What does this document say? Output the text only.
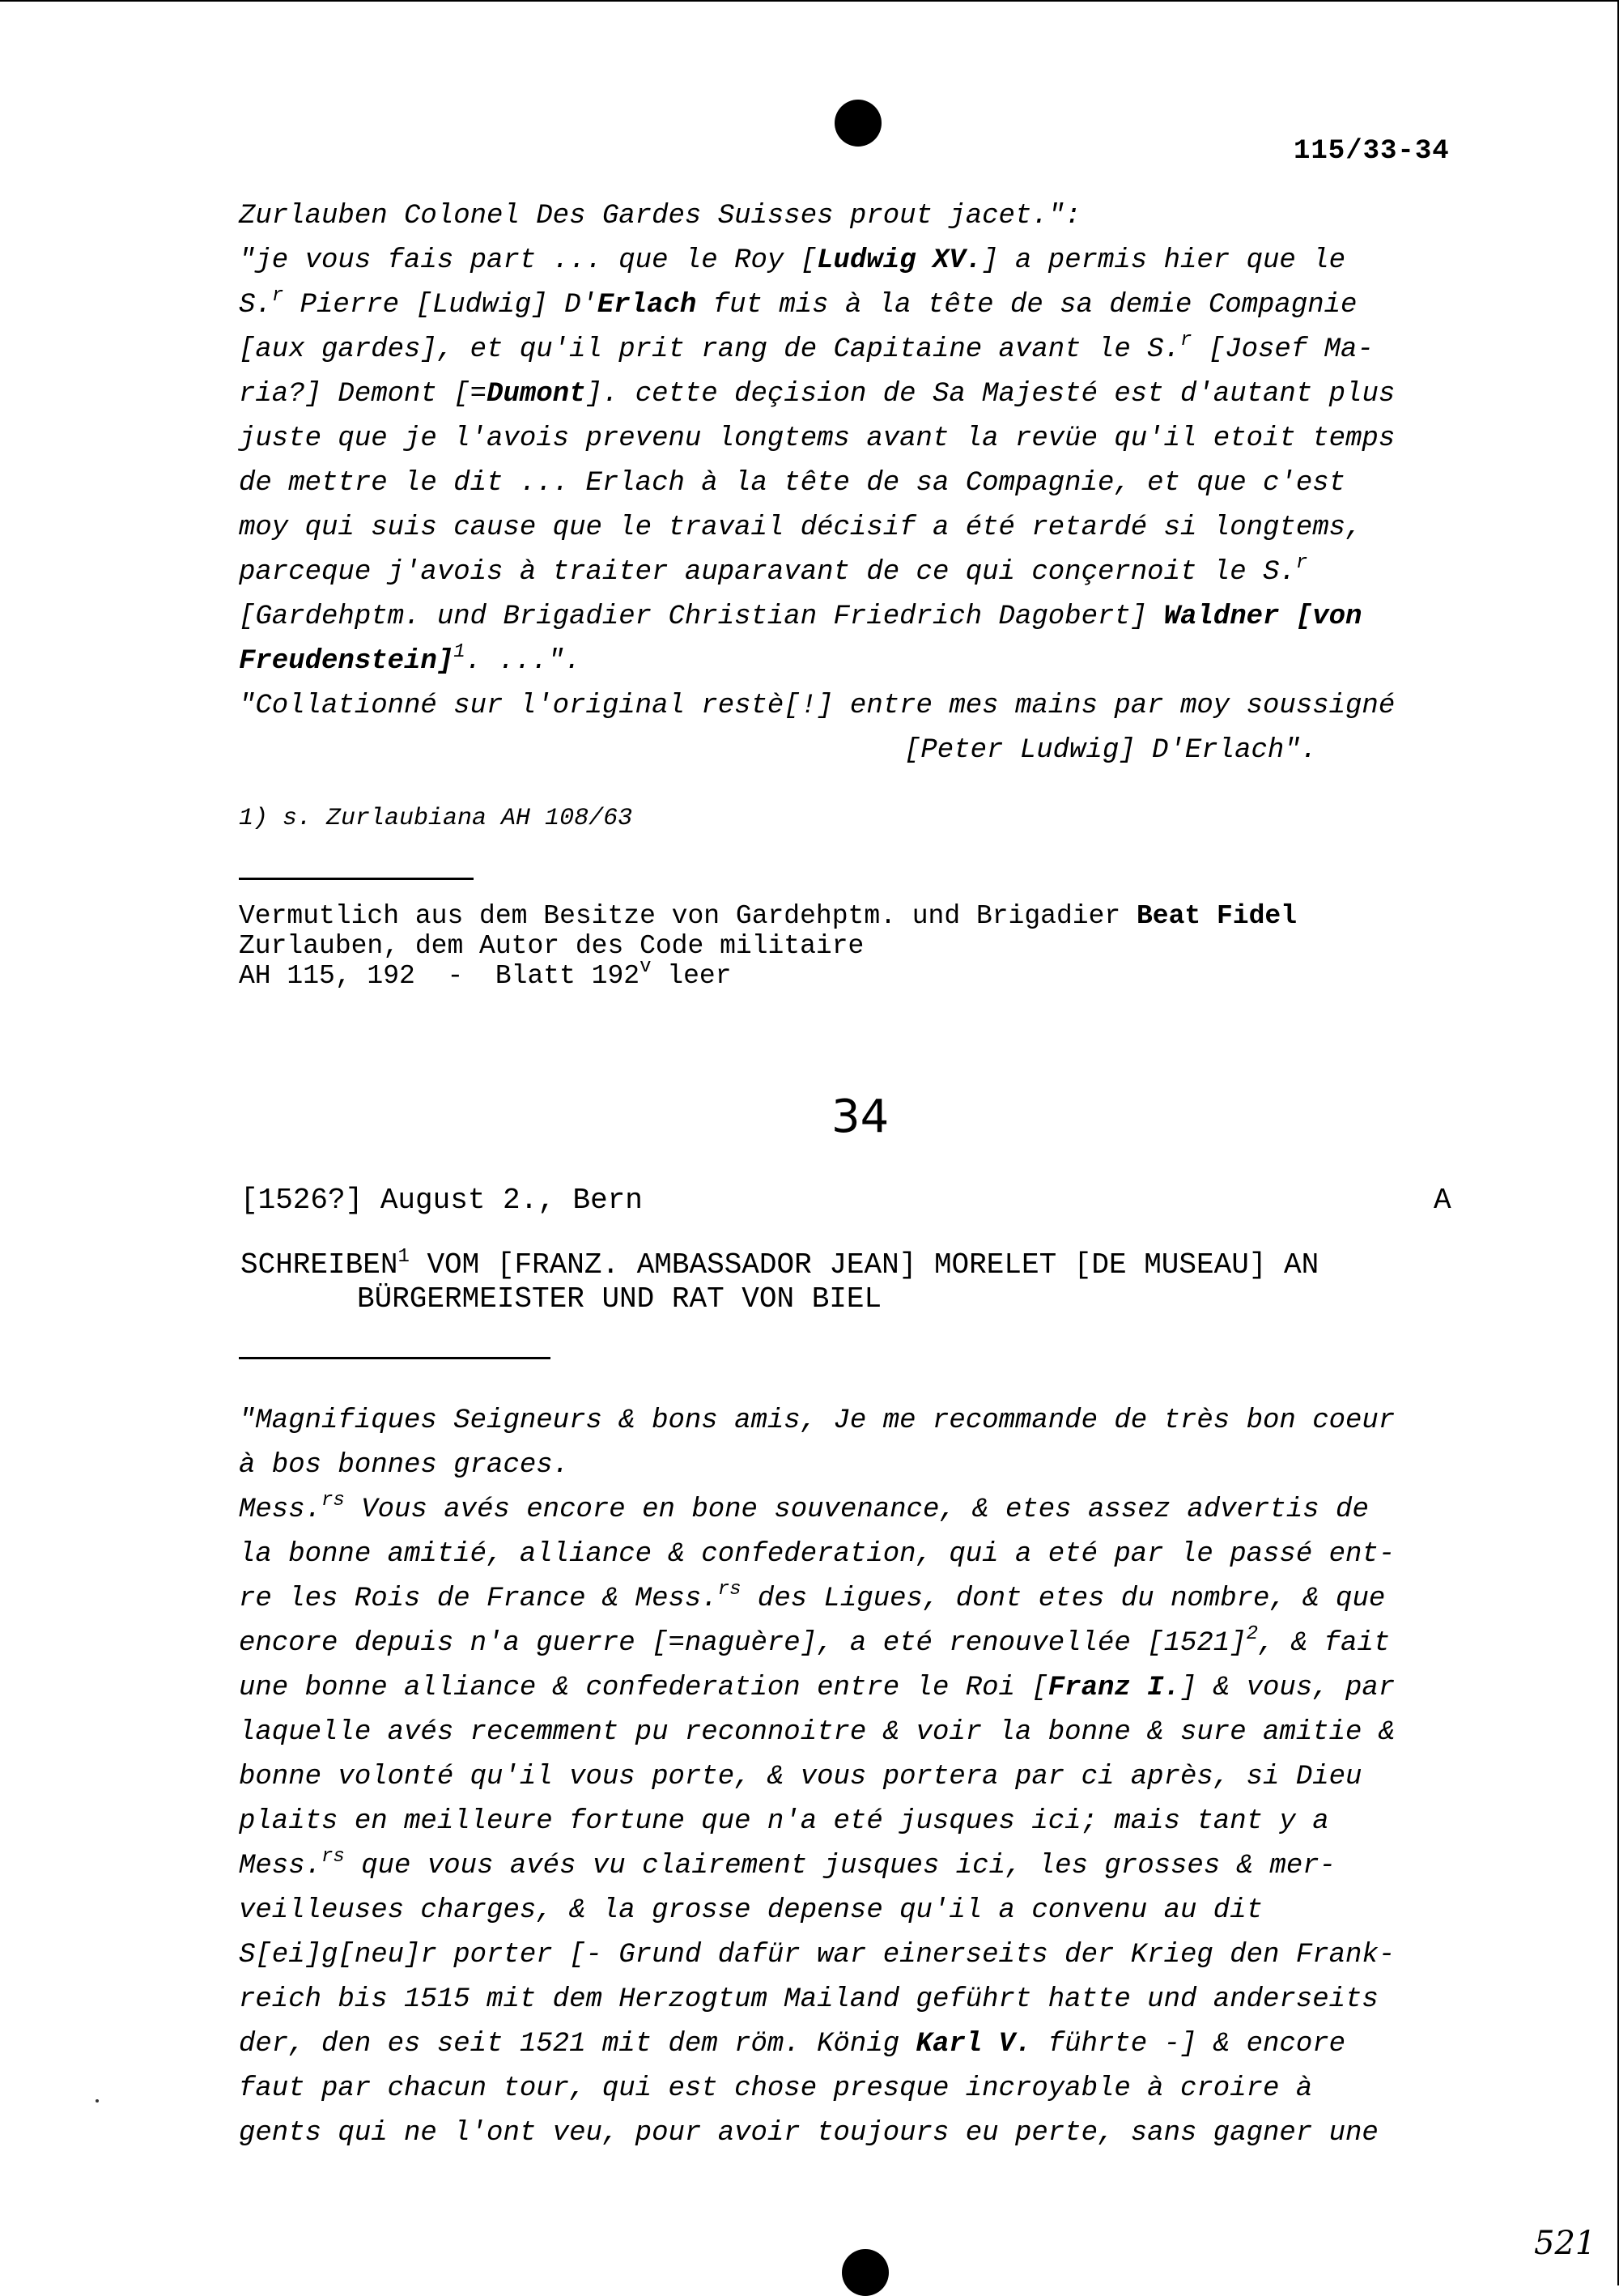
115/33-34
Zurlauben Colonel Des Gardes Suisses prout jacet.":
"je vous fais part ... que le Roy [Ludwig XV.] a permis hier que le
S.$^r$ Pierre [Ludwig] D'Erlach fut mis à la tête de sa demie Compagnie
[aux gardes], et qu'il prit rang de Capitaine avant le S.$^r$ [Josef Ma-
ria?] Demont [=Dumont]. cette deçision de Sa Majesté est d'autant plus
juste que je l'avois prevenu longtems avant la revüe qu'il etoit temps
de mettre le dit ... Erlach à la tête de sa Compagnie, et que c'est
moy qui suis cause que le travail décisif a été retardé si longtems,
parceque j'avois à traiter auparavant de ce qui conçernoit le S.$^r$
[Gardehptm. und Brigadier Christian Friedrich Dagobert] Waldner [von
Freudenstein]$^1$. ...".
"Collationné sur l'original restè[!] entre mes mains par moy soussigné
[Peter Ludwig] D'Erlach".
1) s. Zurlaubiana AH 108/63
Vermutlich aus dem Besitze von Gardehptm. und Brigadier Beat Fidel
Zurlauben, dem Autor des Code militaire
AH 115, 192  -  Blatt 192$^v$ leer
34
[1526?] August 2., Bern	A
SCHREIBEN$^1$ VOM [FRANZ. AMBASSADOR JEAN] MORELET [DE MUSEAU] AN
BÜRGERMEISTER UND RAT VON BIEL
"Magnifiques Seigneurs & bons amis, Je me recommande de très bon coeur
à bos bonnes graces.
Mess.$^{rs}$ Vous avés encore en bone souvenance, & etes assez advertis de
la bonne amitié, alliance & confederation, qui a eté par le passé ent-
re les Rois de France & Mess.$^{rs}$ des Ligues, dont etes du nombre, & que
encore depuis n'a guerre [=naguère], a eté renouvellée $[1521]^2$, & fait
une bonne alliance & confederation entre le Roi [Franz I.] & vous, par
laquelle avés recemment pu reconnoitre & voir la bonne & sure amitie &
bonne volonté qu'il vous porte, & vous portera par ci après, si Dieu
plaits en meilleure fortune que n'a eté jusques ici; mais tant y a
Mess.$^{rs}$ que vous avés vu clairement jusques ici, les grosses & mer-
veilleuses charges, & la grosse depense qu'il a convenu au dit
S[ei]g[neu]r porter [- Grund dafür war einerseits der Krieg den Frank-
reich bis 1515 mit dem Herzogtum Mailand geführt hatte und anderseits
der, den es seit 1521 mit dem röm. König Karl V. führte -] & encore
faut par chacun tour, qui est chose presque incroyable à croire à
gents qui ne l'ont veu, pour avoir toujours eu perte, sans gagner une
521
